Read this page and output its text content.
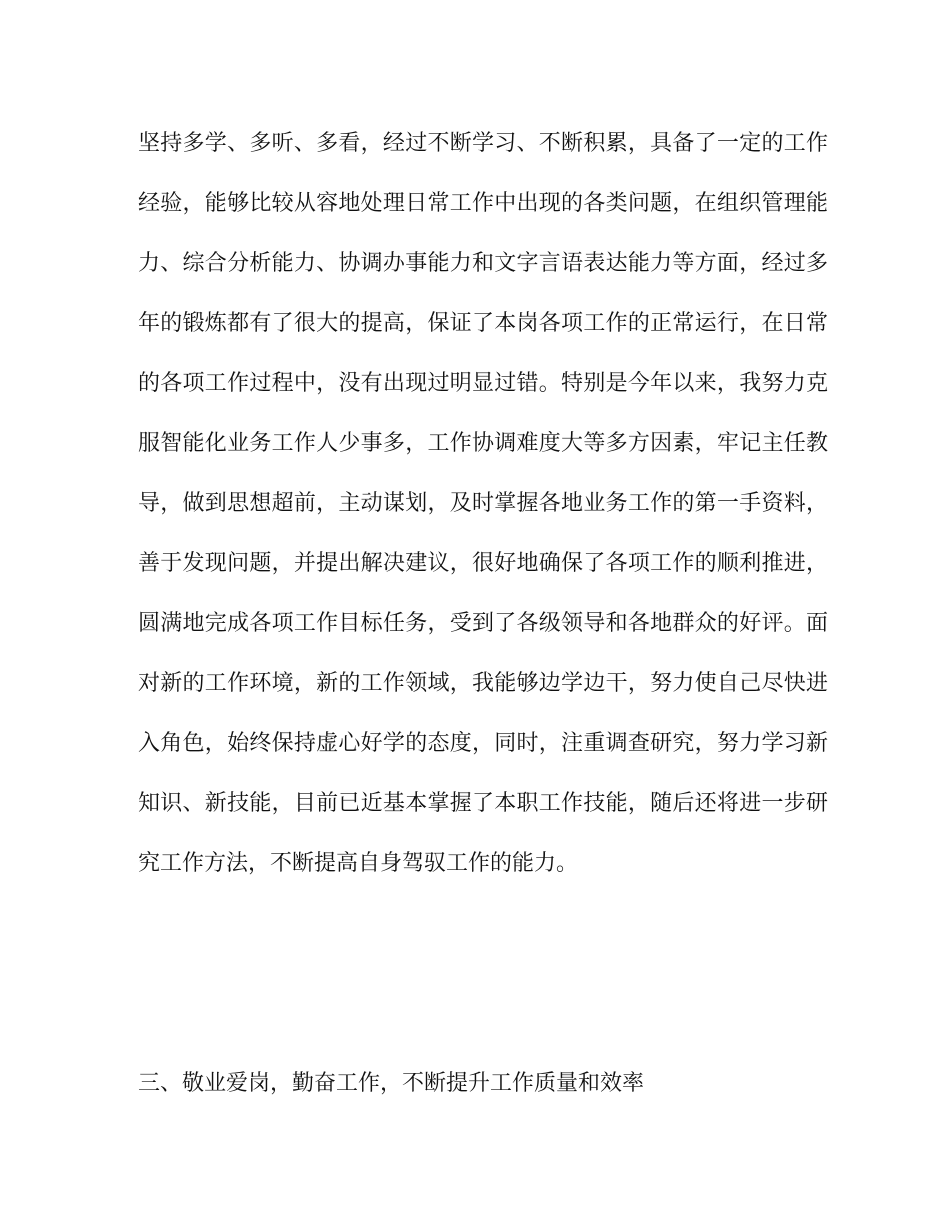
坚持多学、多听、多看，经过不断学习、不断积累，具备了一定的工作
经验，能够比较从容地处理日常工作中出现的各类问题，在组织管理能
力、综合分析能力、协调办事能力和文字言语表达能力等方面，经过多
年的锻炼都有了很大的提高，保证了本岗各项工作的正常运行，在日常
的各项工作过程中，没有出现过明显过错。特别是今年以来，我努力克
服智能化业务工作人少事多，工作协调难度大等多方因素，牢记主任教
导，做到思想超前，主动谋划，及时掌握各地业务工作的第一手资料，
善于发现问题，并提出解决建议，很好地确保了各项工作的顺利推进，
圆满地完成各项工作目标任务，受到了各级领导和各地群众的好评。面
对新的工作环境，新的工作领域，我能够边学边干，努力使自己尽快进
入角色，始终保持虚心好学的态度，同时，注重调查研究，努力学习新
知识、新技能，目前已近基本掌握了本职工作技能，随后还将进一步研
究工作方法，不断提高自身驾驭工作的能力。
三、敬业爱岗，勤奋工作，不断提升工作质量和效率
